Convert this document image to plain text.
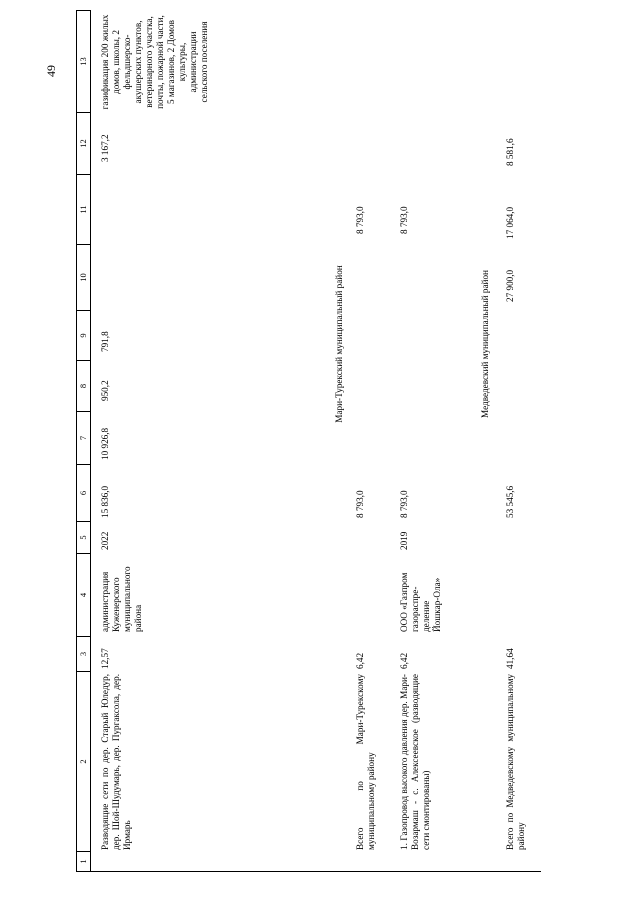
49
1
2
3
4
5
6
7
8
9
10
11
12
13
Разводящие сети по дер. Старый Юледур, дер. Шой-Шудумарь, дер. Пургаксола, дер. Ирмарь
12,57
администрация Куженерского муниципального района
2022
15 836,0
10 926,8
950,2
791,8
3 167,2
газификация 200 жилых домов, школы, 2 фельдшерско-акушерских пунктов, ветеринарного участка, почты, пожарной части, 5 магазинов, 2 Домов культуры, администрации сельского поселения
Мари-Турекский муниципальный район
Всего по Мари-Турекскому муниципальному району
6,42
8 793,0
8 793,0
1. Газопровод высокого давления дер. Мари-Возармаш - с. Алексеевское (разводящие сети смонтированы)
6,42
ООО «Газпром газораспре-деление Йошкар-Ола»
2019
8 793,0
8 793,0
Медведевский муниципальный район
Всего по Медведевскому муниципальному району
41,64
53 545,6
27 900,0
17 064,0
8 581,6
